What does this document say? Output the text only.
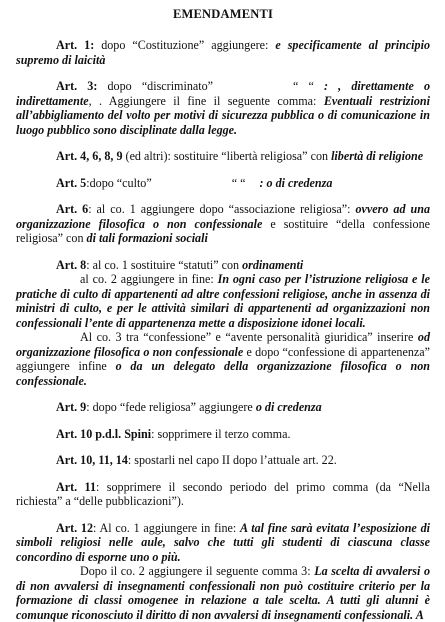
EMENDAMENTI

Art. 1: dopo “Costituzione” aggiungere: e specificamente al principio supremo di laicità

Art. 3: dopo “discriminato”	“ “ : , direttamente o indirettamente, . Aggiungere il fine il seguente comma: Eventuali restrizioni all’abbigliamento del volto per motivi di sicurezza pubblica o di comunicazione in luogo pubblico sono disciplinate dalla legge.

Art. 4, 6, 8, 9 (ed altri): sostituire “libertà religiosa” con libertà di religione

Art. 5:dopo “culto”	“ “ : o di credenza

Art. 6: al co. 1 aggiungere dopo “associazione religiosa”: ovvero ad una organizzazione filosofica o non confessionale e sostituire “della confessione religiosa” con di tali formazioni sociali

Art. 8: al co. 1 sostituire “statuti” con ordinamenti
al co. 2 aggiungere in fine: In ogni caso per l’istruzione religiosa e le pratiche di culto di appartenenti ad altre confessioni religiose, anche in assenza di ministri di culto, e per le attività similari di appartenenti ad organizzazioni non confessionali l’ente di appartenenza mette a disposizione idonei locali.
Al co. 3 tra “confessione” e “avente personalità giuridica” inserire od organizzazione filosofica o non confessionale e dopo “confessione di appartenenza” aggiungere infine o da un delegato della organizzazione filosofica o non confessionale.

Art. 9: dopo “fede religiosa” aggiungere o di credenza

Art. 10 p.d.l. Spini: sopprimere il terzo comma.

Art. 10, 11, 14: spostarli nel capo II dopo l’attuale art. 22.

Art. 11: sopprimere il secondo periodo del primo comma (da “Nella richiesta” a “delle pubblicazioni”).

Art. 12: Al co. 1 aggiungere in fine: A tal fine sarà evitata l’esposizione di simboli religiosi nelle aule, salvo che tutti gli studenti di ciascuna classe concordino di esporne uno o più.
Dopo il co. 2 aggiungere il seguente comma 3: La scelta di avvalersi o di non avvalersi di insegnamenti confessionali non può costituire criterio per la formazione di classi omogenee in relazione a tale scelta. A tutti gli alunni è comunque riconosciuto il diritto di non avvalersi di insegnamenti confessionali. A
